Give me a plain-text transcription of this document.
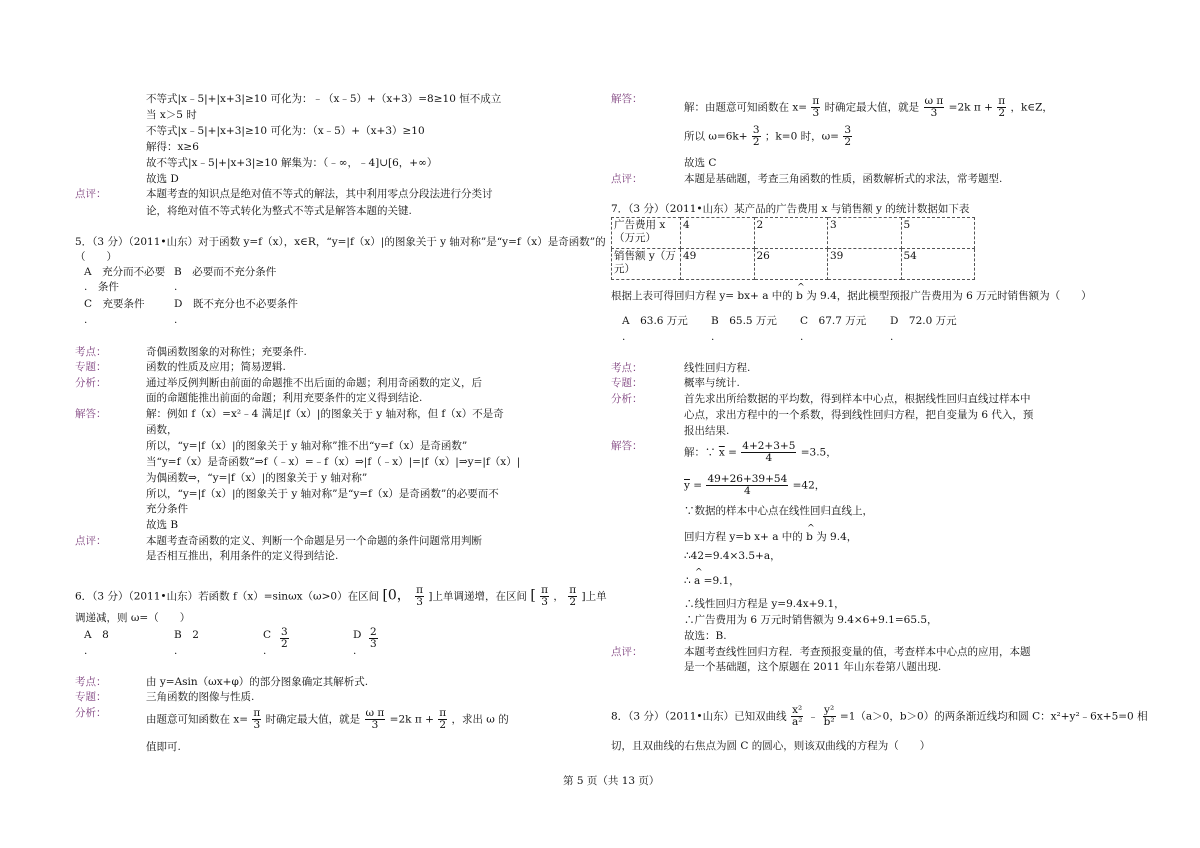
不等式|x﹣5|+|x+3|≥10 可化为：﹣（x﹣5）+（x+3）=8≥10 恒不成立
当 x＞5 时
不等式|x﹣5|+|x+3|≥10 可化为：（x﹣5）+（x+3）≥10
解得：x≥6
故不等式|x﹣5|+|x+3|≥10 解集为：（﹣∞，﹣4]∪[6，+∞）
故选 D
点评：	本题考查的知识点是绝对值不等式的解法，其中利用零点分段法进行分类讨
论，将绝对值不等式转化为整式不等式是解答本题的关键.
5．（3 分）（2011•山东）对于函数 y=f（x），x∈R，“y=|f（x）|的图象关于 y 轴对称”是“y=f（x）是奇函数”的
（　　）
A　充分而不必要
.　条件
B　必要而不充分条件
.
C　充要条件
.
D　既不充分也不必要条件
.
考点：	奇偶函数图象的对称性；充要条件.
专题：	函数的性质及应用；简易逻辑.
分析：	通过举反例判断由前面的命题推不出后面的命题；利用奇函数的定义，后
面的命题能推出前面的命题；利用充要条件的定义得到结论.
解答：	解：例如 f（x）=x²﹣4 满足|f（x）|的图象关于 y 轴对称，但 f（x）不是奇
函数，
所以，“y=|f（x）|的图象关于 y 轴对称”推不出“y=f（x）是奇函数”
当“y=f（x）是奇函数”⇒f（﹣x）=﹣f（x）⇒|f（﹣x）|=|f（x）|⇒y=|f（x）|
为偶函数⇒，“y=|f（x）|的图象关于 y 轴对称”
所以，“y=|f（x）|的图象关于 y 轴对称”是“y=f（x）是奇函数”的必要而不
充分条件
故选 B
点评：	本题考查奇函数的定义、判断一个命题是另一个命题的条件问题常用判断
是否相互推出，利用条件的定义得到结论.
6．（3 分）（2011•山东）若函数 f（x）=sinωx（ω>0）在区间 [0， $\frac{\pi}{3}$ ]上单调递增，在区间 [ $\frac{\pi}{3}$ ， $\frac{\pi}{2}$ ]上单
调递减，则 ω=（　　）
A　8
.
B　2
.
C
.
$\frac{3}{2}$	D
.
$\frac{2}{3}$
考点：	由 y=Asin（ωx+φ）的部分图象确定其解析式.
专题：	三角函数的图像与性质.
分析：
由题意可知函数在 $x= \frac{\pi}{3}$ 时确定最大值，就是 $\frac{\text{ω π}}{3} =2k$ $\pi + \frac{\pi}{2}$ ，求出 ω 的
值即可.
第 5 页（共 13 页）
解答：
解：由题意可知函数在 $x= \frac{\pi}{3}$ 时确定最大值，就是 $\frac{\text{ω π}}{3} =2k$ $\pi + \frac{\pi}{2}$ ，k∈Z，
所以 $\omega=6k+ \frac{3}{2}$ ；k=0 时，$\omega= \frac{3}{2}$
故选 C
点评：	本题是基础题，考查三角函数的性质，函数解析式的求法，常考题型.
7．（3 分）（2011•山东）某产品的广告费用 x 与销售额 y 的统计数据如下表
广告费用 x（万元）	4	2	3	5
销售额 y（万元）	49	26	39	54
根据上表可得回归方程 y= bx+ a 中的 ^ b 为 9.4，据此模型预报广告费用为 6 万元时销售额为（　　）
A　63.6 万元
.
B　65.5 万元
.
C　67.7 万元
.
D　72.0 万元
.
考点：	线性回归方程.
专题：	概率与统计.
分析：	首先求出所给数据的平均数，得到样本中心点，根据线性回归直线过样本中
心点，求出方程中的一个系数，得到线性回归方程，把自变量为 6 代入，预
报出结果.
解答：
解：∵ $\overline{x} = \frac{4+2+3+5}{4} =3.5$，
$\overline{y} = \frac{49+26+39+54}{4} =42$，
∵数据的样本中心点在线性回归直线上，
回归方程 y=b x+ a 中的 ^ b 为 9.4，
∴42=9.4×3.5+a，
∴ ^ a =9.1，
∴线性回归方程是 y=9.4x+9.1，
∴广告费用为 6 万元时销售额为 9.4×6+9.1=65.5，
故选：B.
点评：	本题考查线性回归方程．考查预报变量的值，考查样本中心点的应用，本题
是一个基础题，这个原题在 2011 年山东卷第八题出现.
8．（3 分）（2011•山东）已知双曲线 $\frac{\text{x²}}{\text{a²}}$ ﹣ $\frac{\text{y²}}{\text{b²}} =1(a>0$，b＞0）的两条渐近线均和圆 C：x²+y²﹣6x+5=0 相
切，且双曲线的右焦点为圆 C 的圆心，则该双曲线的方程为（　　）
